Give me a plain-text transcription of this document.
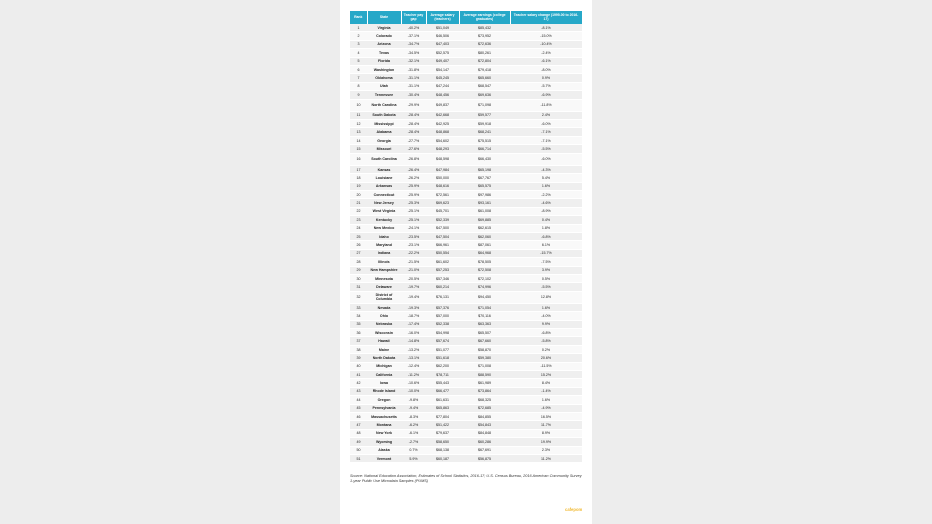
Rank	State	Teacher pay gap	Average salary (teachers)	Average earnings (college graduates)	Teacher salary change (1999-00 to 2016-17)
1	Virginia	-40.2%	$51,049	$85,432	-8.1%
2	Colorado	-37.1%	$46,506	$73,952	-15.0%
3	Arizona	-34.7%	$47,403	$72,636	-10.4%
4	Texas	-34.5%	$52,575	$80,261	-2.4%
5	Florida	-32.1%	$49,407	$72,804	-6.1%
6	Washington	-31.8%	$54,147	$79,418	-8.0%
7	Oklahoma	-31.1%	$45,245	$65,660	0.9%
8	Utah	-31.1%	$47,244	$68,547	-5.7%
9	Tennessee	-30.4%	$48,456	$69,636	-6.9%
10	North Carolina	-29.9%	$49,837	$71,098	-11.8%
11	South Dakota	-28.4%	$42,668	$59,577	2.4%
12	Mississippi	-28.4%	$42,925	$59,918	-6.0%
13	Alabama	-28.4%	$48,868	$68,241	-7.1%
14	Georgia	-27.7%	$54,602	$75,515	-7.1%
15	Missouri	-27.6%	$48,293	$66,714	-5.5%
16	South Carolina	-26.8%	$48,598	$66,430	-6.0%
17	Kansas	-26.4%	$47,984	$65,198	-4.3%
18	Louisiane	-26.2%	$50,000	$67,767	5.4%
19	Arkansas	-25.9%	$48,616	$65,575	1.6%
20	Connecticut	-25.9%	$72,561	$97,986	-2.2%
21	New Jersey	-25.3%	$69,623	$93,161	-4.6%
22	West Virginia	-25.1%	$45,701	$61,008	-8.9%
23	Kentucky	-25.1%	$52,339	$69,885	0.4%
24	New Mexico	-24.1%	$47,500	$62,615	1.8%
25	Idaho	-23.5%	$47,504	$62,060	-6.8%
26	Maryland	-23.1%	$66,961	$87,061	6.1%
27	Indiana	-22.2%	$50,554	$64,968	-15.7%
28	Illinois	-21.5%	$61,602	$78,505	-7.5%
29	New Hampshire	-21.0%	$57,253	$72,508	3.9%
30	Minnesota	-20.5%	$57,346	$72,102	0.5%
31	Delaware	-19.7%	$60,214	$74,996	-5.5%
32	District of Columbia	-19.4%	$76,131	$94,450	12.8%
33	Nevada	-19.3%	$57,376	$71,054	1.6%
34	Ohio	-18.7%	$57,000	$70,116	-4.0%
35	Nebraska	-17.4%	$52,338	$63,363	9.9%
36	Wisconsin	-16.0%	$54,998	$65,507	-6.8%
37	Hawaii	-14.8%	$57,674	$67,660	-5.8%
38	Maine	-13.2%	$51,077	$58,870	0.2%
39	North Dakota	-13.1%	$51,618	$59,380	20.6%
40	Michigan	-12.4%	$62,200	$71,008	-11.5%
41	California	-11.2%	$78,711	$88,590	15.2%
42	Iowa	-10.6%	$55,443	$61,989	8.4%
43	Rhode Island	-10.0%	$66,477	$73,864	-1.4%
44	Oregon	-9.8%	$61,631	$68,325	1.6%
45	Pennsylvania	-9.4%	$65,863	$72,685	-4.9%
46	Massachusetts	-8.3%	$77,804	$84,855	16.5%
47	Montana	-6.2%	$51,422	$54,843	11.7%
48	New York	-6.1%	$79,637	$84,848	8.9%
49	Wyoming	-2.7%	$58,650	$60,286	19.9%
50	Alaska	0.7%	$68,138	$67,691	2.3%
51	Vermont	5.9%	$60,187	$56,875	11.2%
Source: National Education Association, Estimates of School Statistics, 2016-17; U.S. Census Bureau, 2016 American Community Survey 1-year Public Use Microdata Samples (PUMS)
cafepom
